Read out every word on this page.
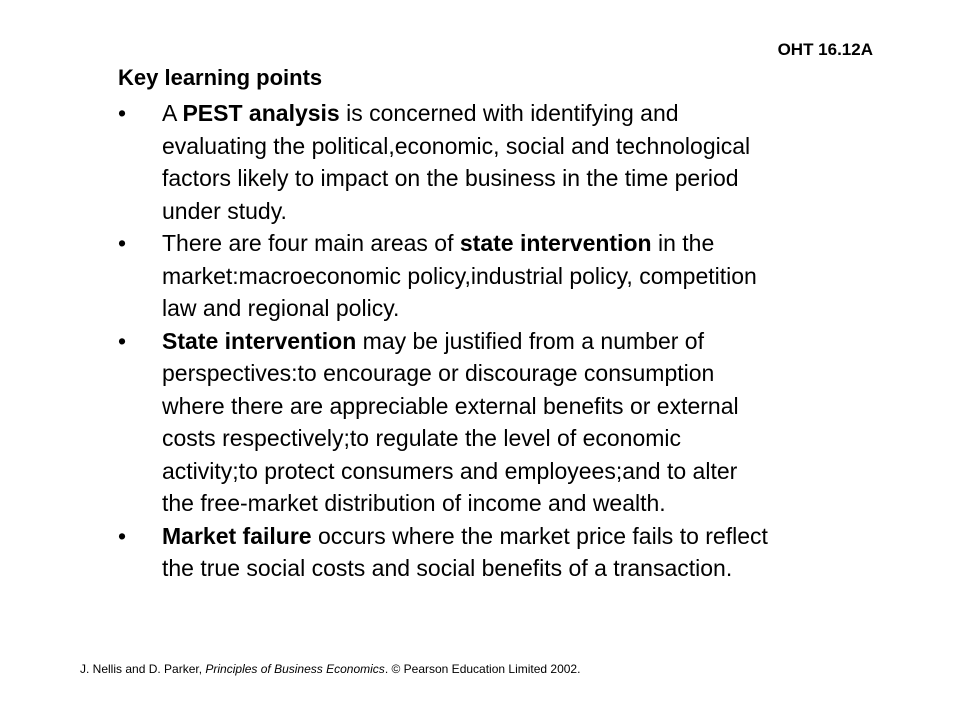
OHT 16.12A
Key learning points
• A PEST analysis is concerned with identifying and
evaluating the political,economic, social and technological
factors likely to impact on the business in the time period
under study.
• There are four main areas of state intervention in the
market:macroeconomic policy,industrial policy, competition
law and regional policy.
• State intervention may be justified from a number of
perspectives:to encourage or discourage consumption
where there are appreciable external benefits or external
costs respectively;to regulate the level of economic
activity;to protect consumers and employees;and to alter
the free-market distribution of income and wealth.
• Market failure occurs where the market price fails to reflect
the true social costs and social benefits of a transaction.
J. Nellis and D. Parker, Principles of Business Economics. © Pearson Education Limited 2002.
